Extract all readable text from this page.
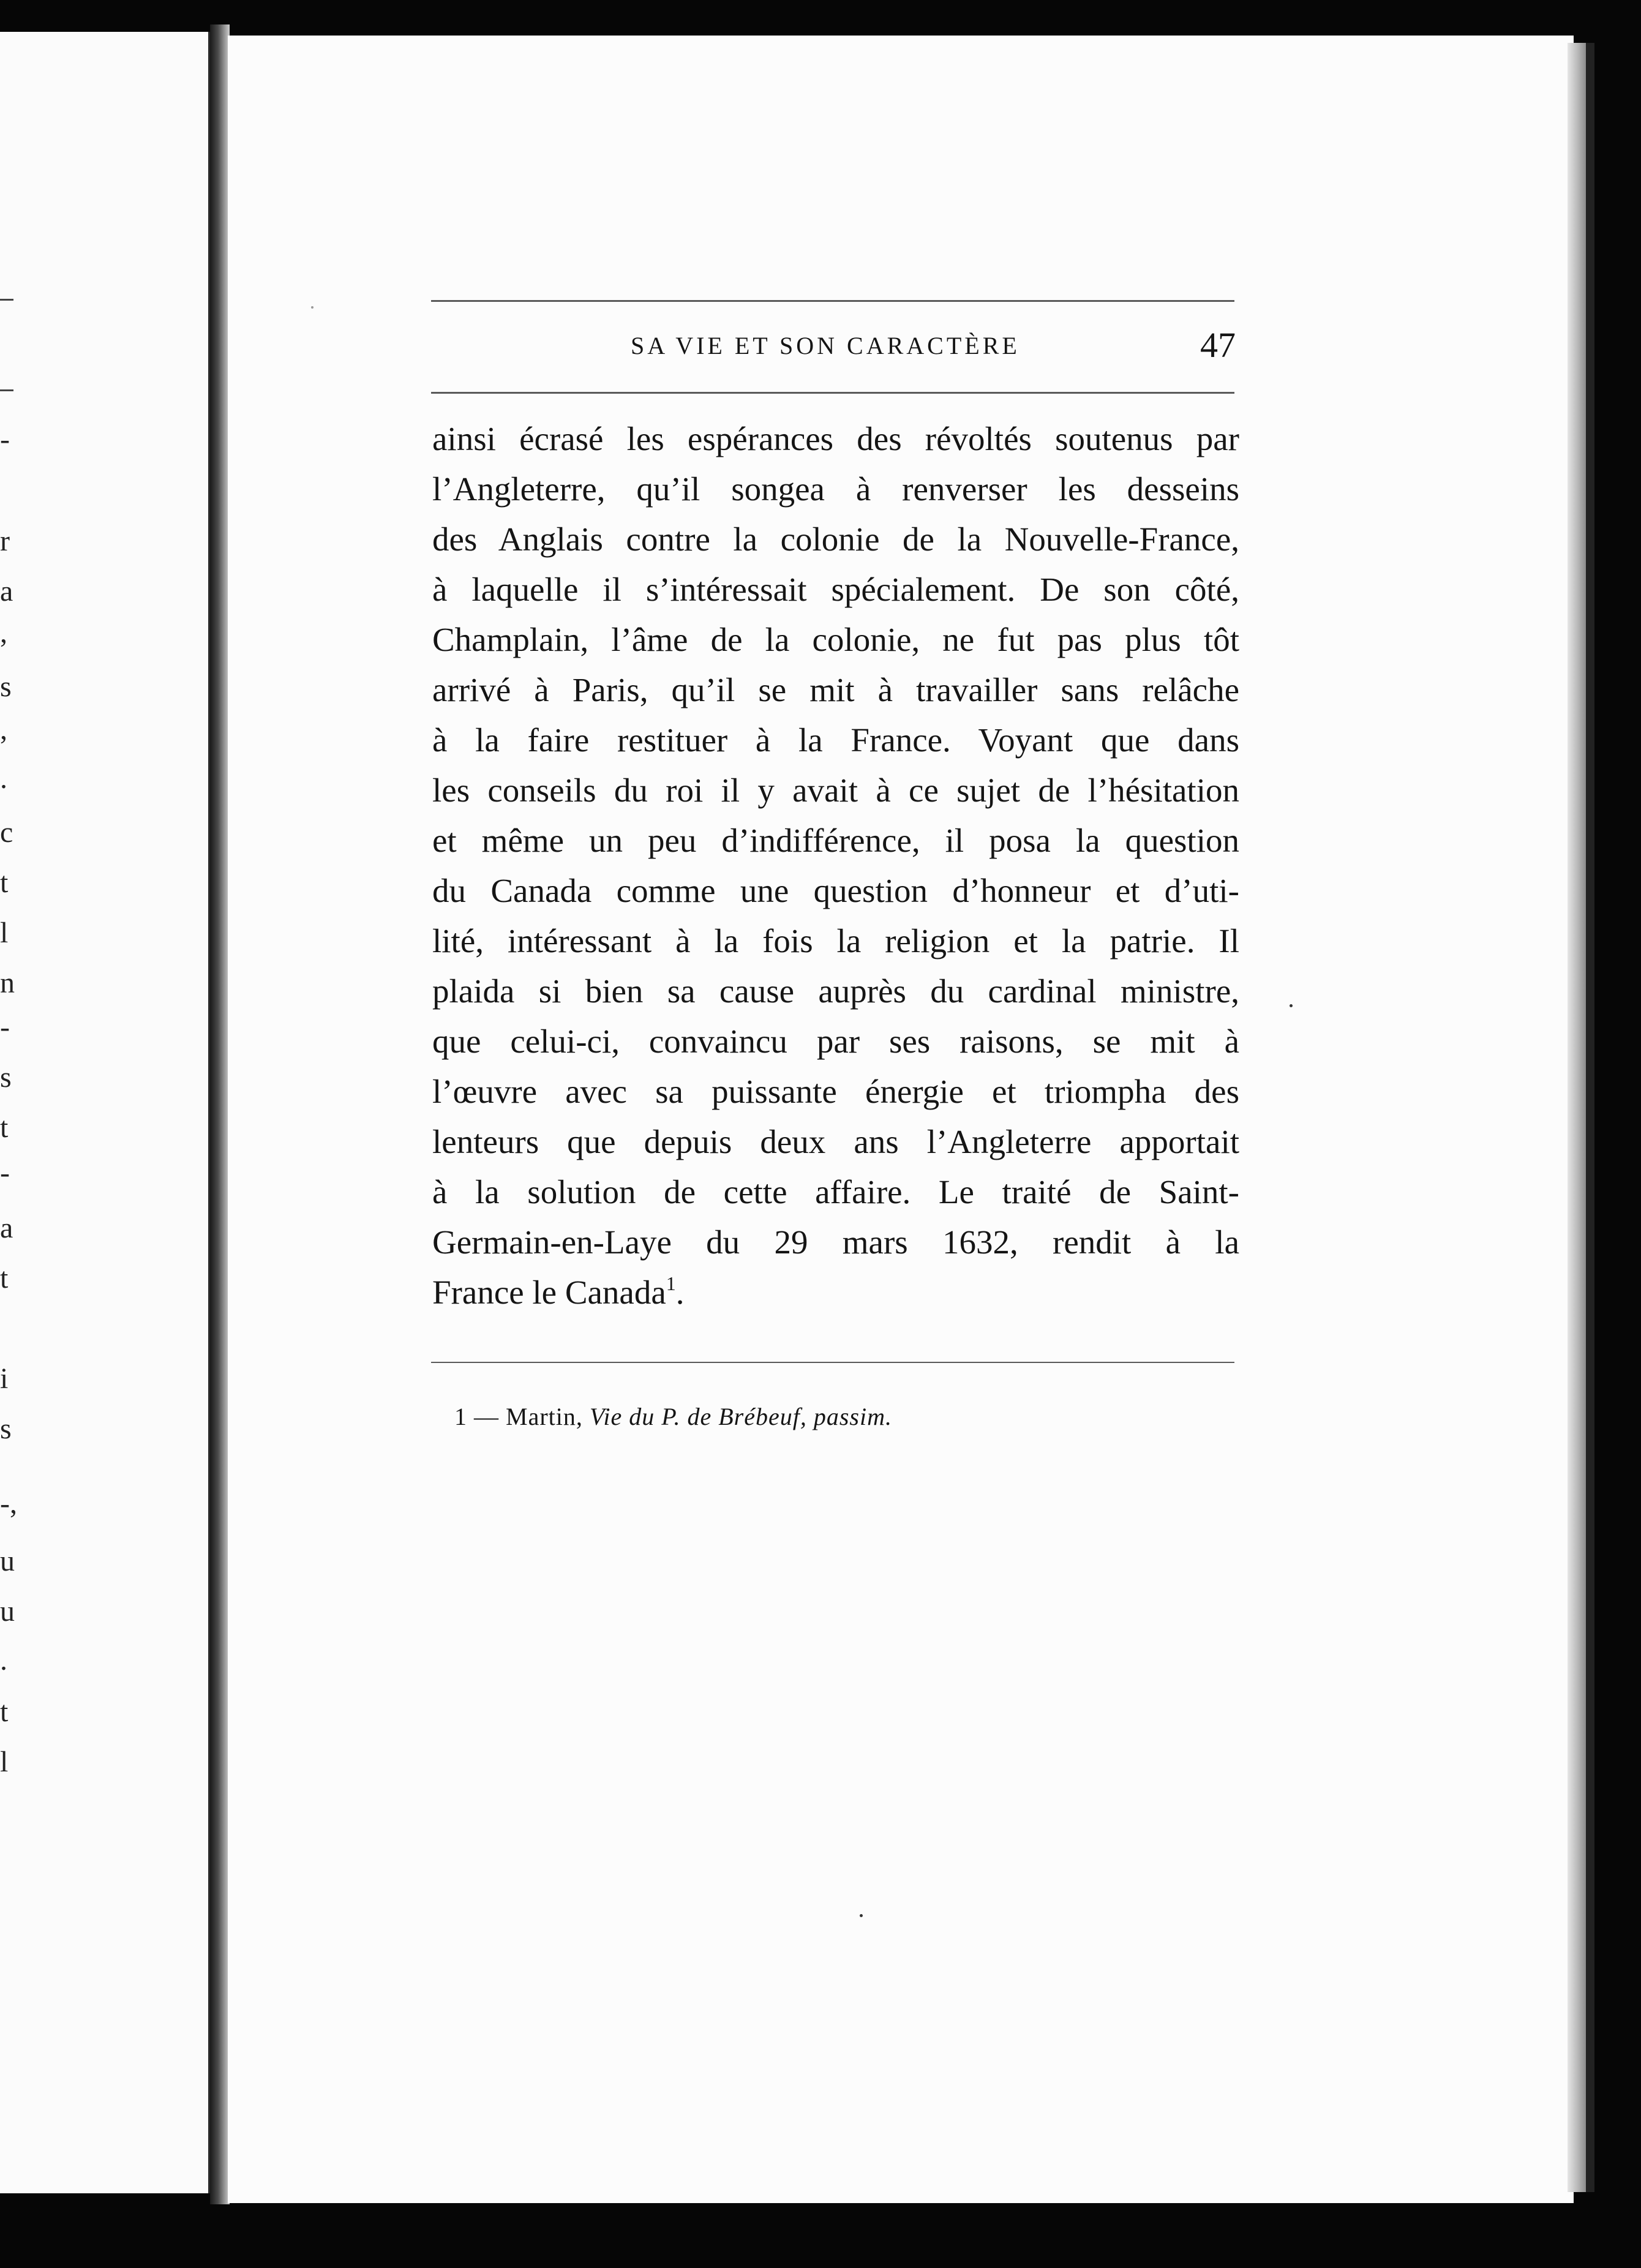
-
r
a
,
s
,
.
c
t
l
n
-
s
t
-
a
t
i
s
-,
u
u
.
t
l
SA VIE ET SON CARACTÈRE	47
ainsi écrasé les espérances des révoltés soutenus par
l’Angleterre, qu’il songea à renverser les desseins
des Anglais contre la colonie de la Nouvelle-France,
à laquelle il s’intéressait spécialement. De son côté,
Champlain, l’âme de la colonie, ne fut pas plus tôt
arrivé à Paris, qu’il se mit à travailler sans relâche
à la faire restituer à la France. Voyant que dans
les conseils du roi il y avait à ce sujet de l’hésitation
et même un peu d’indifférence, il posa la question
du Canada comme une question d’honneur et d’uti-
lité, intéressant à la fois la religion et la patrie. Il
plaida si bien sa cause auprès du cardinal ministre,
que celui-ci, convaincu par ses raisons, se mit à
l’œuvre avec sa puissante énergie et triompha des
lenteurs que depuis deux ans l’Angleterre apportait
à la solution de cette affaire. Le traité de Saint-
Germain-en-Laye du 29 mars 1632, rendit à la
France le Canada$^1$.
1 — Martin, Vie du P. de Brébeuf, passim.
